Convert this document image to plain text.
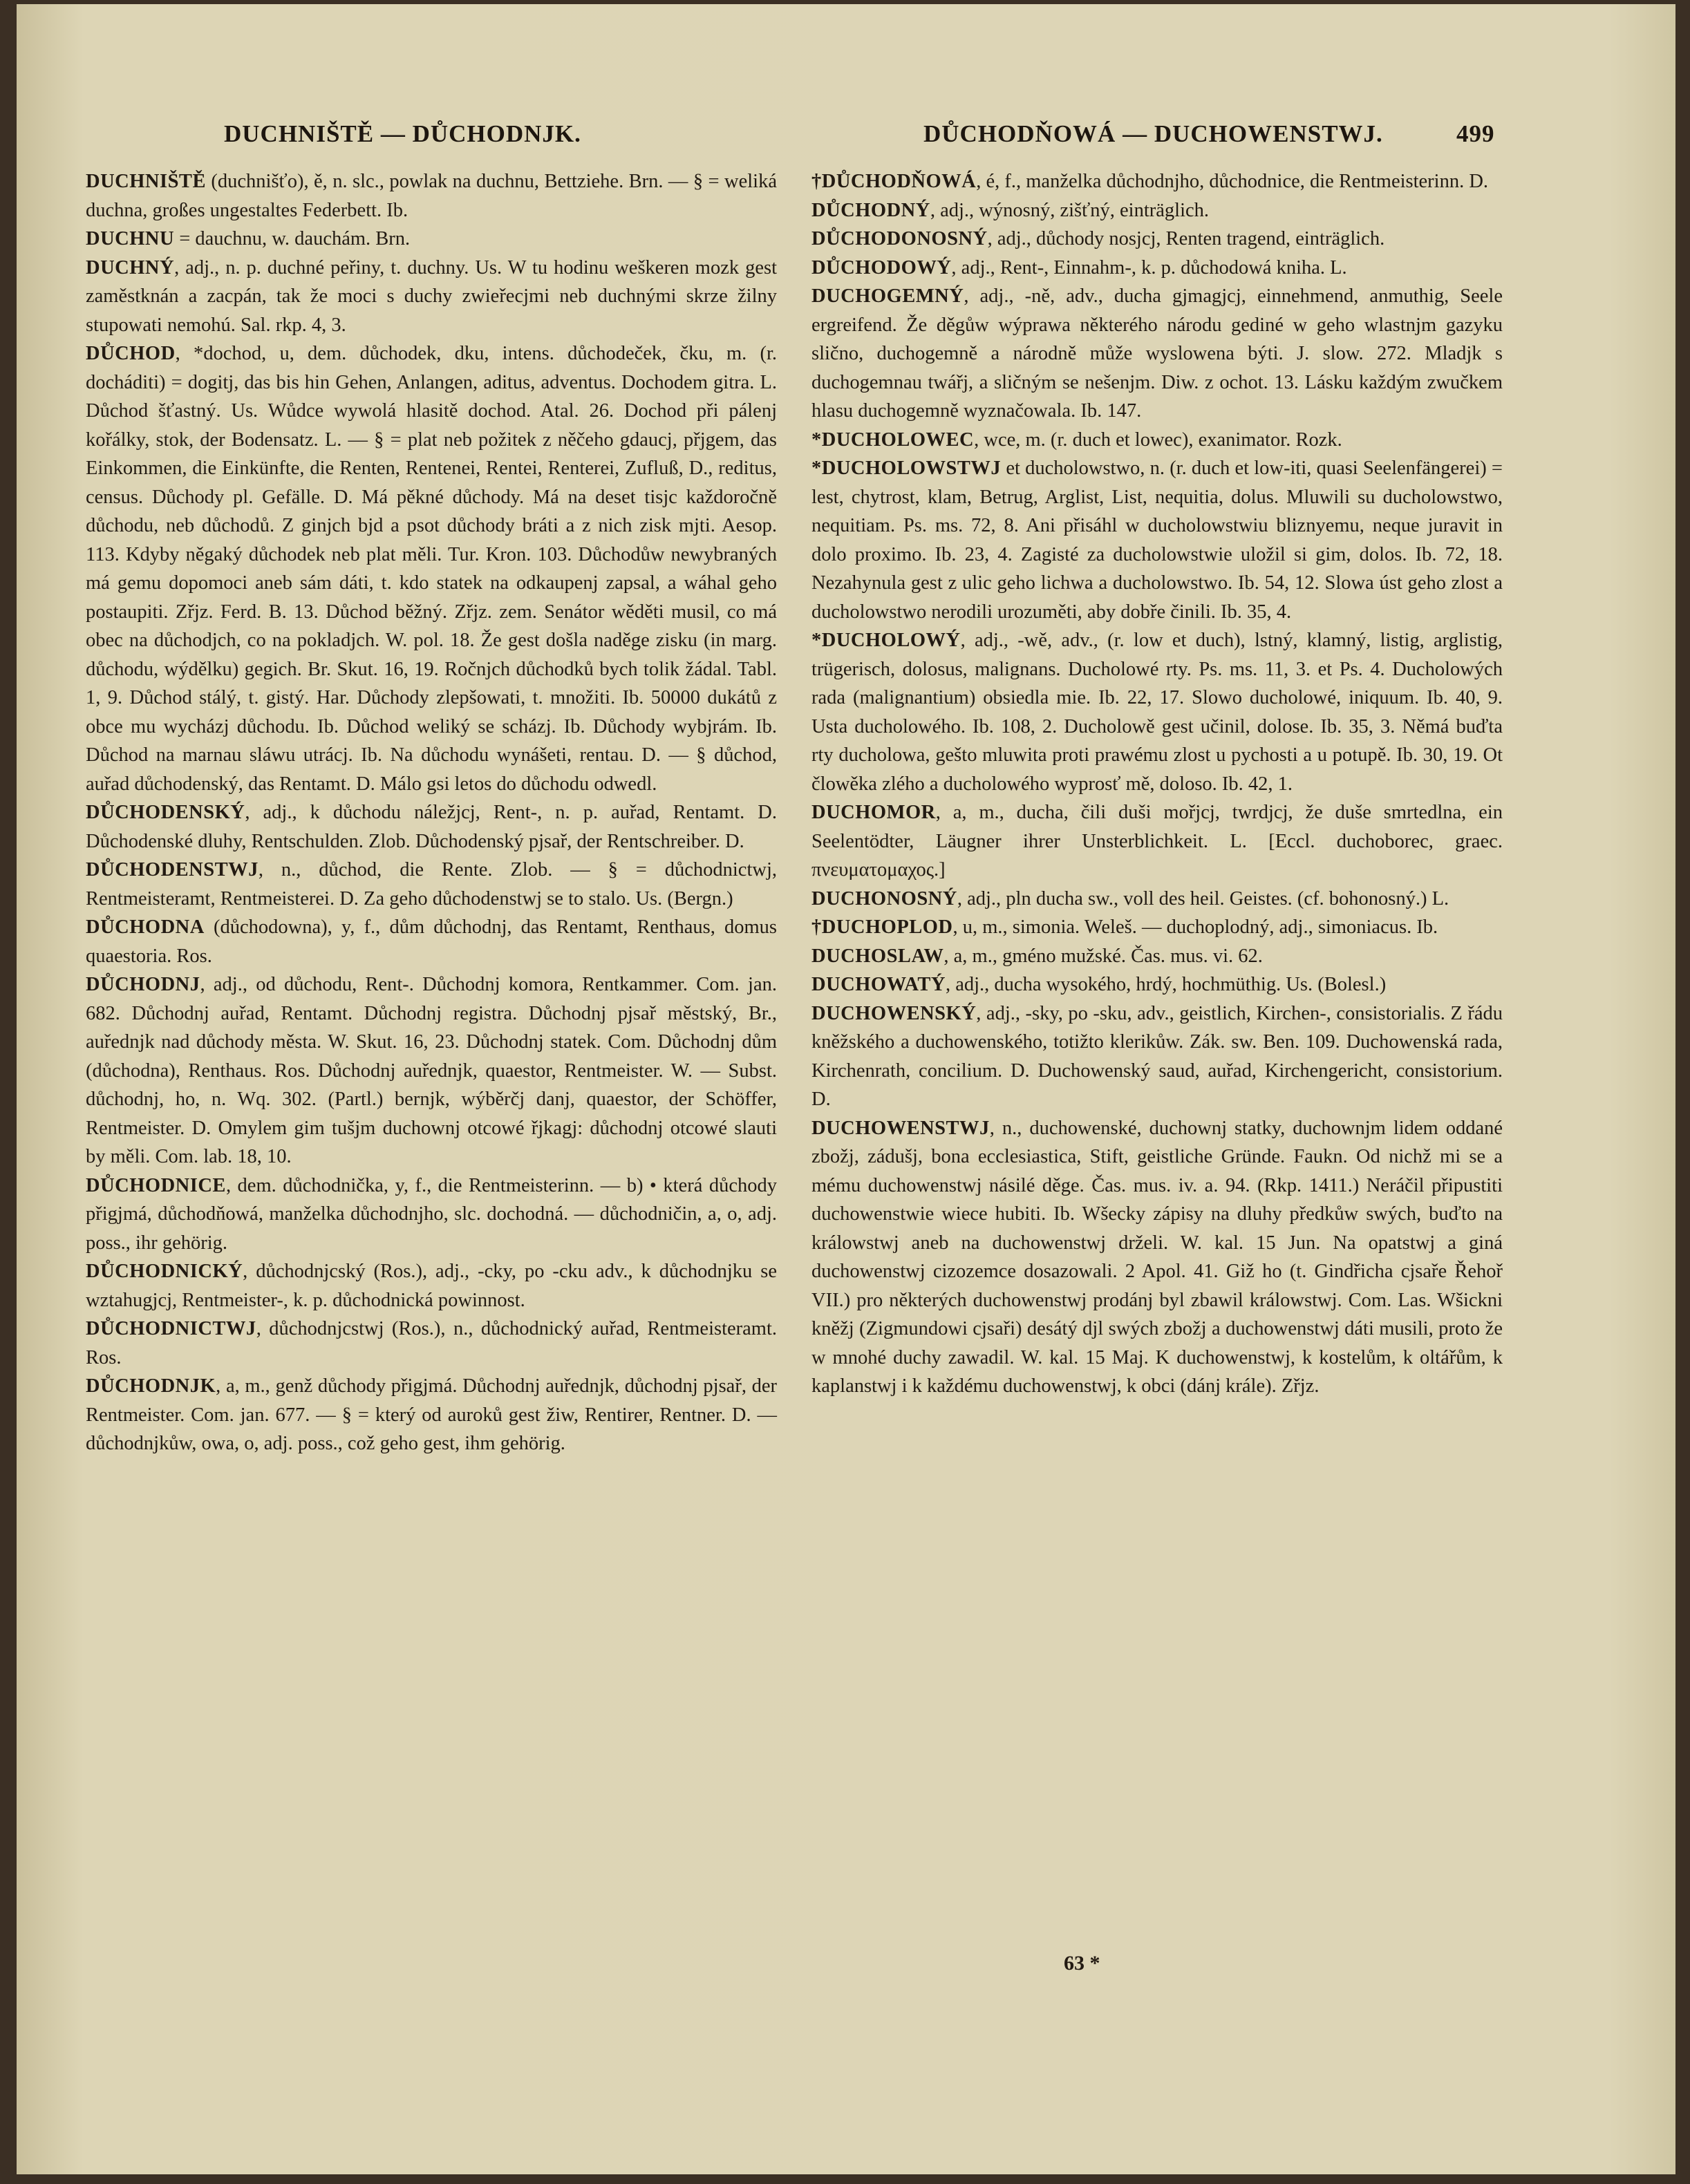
DUCHNIŠTĚ — DŮCHODNJK.	DŮCHODŇOWÁ — DUCHOWENSTWJ.	499

DUCHNIŠTĚ (duchnišťo), ě, n. slc., powlak na duchnu, Bettziehe. Brn. — § = weliká duchna, großes ungestaltes Federbett. Ib.

DUCHNU = dauchnu, w. dauchám. Brn.

DUCHNÝ, adj., n. p. duchné peřiny, t. duchny. Us. W tu hodinu weškeren mozk gest zaměstknán a zacpán, tak že moci s duchy zwieřecjmi neb duchnými skrze žilny stupowati nemohú. Sal. rkp. 4, 3.

DŮCHOD, *dochod, u, dem. důchodek, dku, intens. důchodeček, čku, m. (r. docháditi) = dogitj, das bis hin Gehen, Anlangen, aditus, adventus. Dochodem gitra. L. Důchod šťastný. Us. Wůdce wywolá hlasitě dochod. Atal. 26. Dochod při pálenj kořálky, stok, der Bodensatz. L. — § = plat neb požitek z něčeho gdaucj, přjgem, das Einkommen, die Einkünfte, die Renten, Rentenei, Rentei, Renterei, Zufluß, D., reditus, census. Důchody pl. Gefälle. D. Má pěkné důchody. Má na deset tisjc každoročně důchodu, neb důchodů. Z ginjch bjd a psot důchody bráti a z nich zisk mjti. Aesop. 113. Kdyby něgaký důchodek neb plat měli. Tur. Kron. 103. Důchodůw newybraných má gemu dopomoci aneb sám dáti, t. kdo statek na odkaupenj zapsal, a wáhal geho postaupiti. Zřjz. Ferd. B. 13. Důchod běžný. Zřjz. zem. Senátor wěděti musil, co má obec na důchodjch, co na pokladjch. W. pol. 18. Že gest došla naděge zisku (in marg. důchodu, wýdělku) gegich. Br. Skut. 16, 19. Ročnjch důchodků bych tolik žádal. Tabl. 1, 9. Důchod stálý, t. gistý. Har. Důchody zlepšowati, t. množiti. Ib. 50000 dukátů z obce mu wycházj důchodu. Ib. Důchod weliký se scházj. Ib. Důchody wybjrám. Ib. Důchod na marnau sláwu utrácj. Ib. Na důchodu wynášeti, rentau. D. — § důchod, auřad důchodenský, das Rentamt. D. Málo gsi letos do důchodu odwedl.

DŮCHODENSKÝ, adj., k důchodu náležjcj, Rent-, n. p. auřad, Rentamt. D. Důchodenské dluhy, Rentschulden. Zlob. Důchodenský pjsař, der Rentschreiber. D.

DŮCHODENSTWJ, n., důchod, die Rente. Zlob. — § = důchodnictwj, Rentmeisteramt, Rentmeisterei. D. Za geho důchodenstwj se to stalo. Us. (Bergn.)

DŮCHODNA (důchodowna), y, f., dům důchodnj, das Rentamt, Renthaus, domus quaestoria. Ros.

DŮCHODNJ, adj., od důchodu, Rent-. Důchodnj komora, Rentkammer. Com. jan. 682. Důchodnj auřad, Rentamt. Důchodnj registra. Důchodnj pjsař městský, Br., auřednjk nad důchody města. W. Skut. 16, 23. Důchodnj statek. Com. Důchodnj dům (důchodna), Renthaus. Ros. Důchodnj auřednjk, quaestor, Rentmeister. W. — Subst. důchodnj, ho, n. Wq. 302. (Partl.) bernjk, wýběrčj danj, quaestor, der Schöffer, Rentmeister. D. Omylem gim tušjm duchownj otcowé řjkagj: důchodnj otcowé slauti by měli. Com. lab. 18, 10.

DŮCHODNICE, dem. důchodnička, y, f., die Rentmeisterinn. — b) • která důchody přigjmá, důchodňowá, manželka důchodnjho, slc. dochodná. — důchodničin, a, o, adj. poss., ihr gehörig.

DŮCHODNICKÝ, důchodnjcský (Ros.), adj., -cky, po -cku adv., k důchodnjku se wztahugjcj, Rentmeister-, k. p. důchodnická powinnost.

DŮCHODNICTWJ, důchodnjcstwj (Ros.), n., důchodnický auřad, Rentmeisteramt. Ros.

DŮCHODNJK, a, m., genž důchody přigjmá. Důchodnj auřednjk, důchodnj pjsař, der Rentmeister. Com. jan. 677. — § = který od auroků gest žiw, Rentirer, Rentner. D. — důchodnjkůw, owa, o, adj. poss., což geho gest, ihm gehörig.

†DŮCHODŇOWÁ, é, f., manželka důchodnjho, důchodnice, die Rentmeisterinn. D.

DŮCHODNÝ, adj., wýnosný, zišťný, einträglich.

DŮCHODONOSNÝ, adj., důchody nosjcj, Renten tragend, einträglich.

DŮCHODOWÝ, adj., Rent-, Einnahm-, k. p. důchodowá kniha. L.

DUCHOGEMNÝ, adj., -ně, adv., ducha gjmagjcj, einnehmend, anmuthig, Seele ergreifend. Že děgůw wýprawa některého národu gediné w geho wlastnjm gazyku slično, duchogemně a národně může wyslowena býti. J. slow. 272. Mladjk s duchogemnau twářj, a sličným se nešenjm. Diw. z ochot. 13. Lásku každým zwučkem hlasu duchogemně wyznačowala. Ib. 147.

*DUCHOLOWEC, wce, m. (r. duch et lowec), exanimator. Rozk.

*DUCHOLOWSTWJ et ducholowstwo, n. (r. duch et low-iti, quasi Seelenfängerei) = lest, chytrost, klam, Betrug, Arglist, List, nequitia, dolus. Mluwili su ducholowstwo, nequitiam. Ps. ms. 72, 8. Ani přisáhl w ducholowstwiu bliznyemu, neque juravit in dolo proximo. Ib. 23, 4. Zagisté za ducholowstwie uložil si gim, dolos. Ib. 72, 18. Nezahynula gest z ulic geho lichwa a ducholowstwo. Ib. 54, 12. Slowa úst geho zlost a ducholowstwo nerodili urozuměti, aby dobře činili. Ib. 35, 4.

*DUCHOLOWÝ, adj., -wě, adv., (r. low et duch), lstný, klamný, listig, arglistig, trügerisch, dolosus, malignans. Ducholowé rty. Ps. ms. 11, 3. et Ps. 4. Ducholowých rada (malignantium) obsiedla mie. Ib. 22, 17. Slowo ducholowé, iniquum. Ib. 40, 9. Usta ducholowého. Ib. 108, 2. Ducholowě gest učinil, dolose. Ib. 35, 3. Němá buďta rty ducholowa, gešto mluwita proti prawému zlost u pychosti a u potupě. Ib. 30, 19. Ot člowěka zlého a ducholowého wyprosť mě, doloso. Ib. 42, 1.

DUCHOMOR, a, m., ducha, čili duši mořjcj, twrdjcj, že duše smrtedlna, ein Seelentödter, Läugner ihrer Unsterblichkeit. L. [Eccl. duchoborec, graec. πνευματομαχος.]

DUCHONOSNÝ, adj., pln ducha sw., voll des heil. Geistes. (cf. bohonosný.) L.

†DUCHOPLOD, u, m., simonia. Weleš. — duchoplodný, adj., simoniacus. Ib.

DUCHOSLAW, a, m., gméno mužské. Čas. mus. vi. 62.

DUCHOWATÝ, adj., ducha wysokého, hrdý, hochmüthig. Us. (Bolesl.)

DUCHOWENSKÝ, adj., -sky, po -sku, adv., geistlich, Kirchen-, consistorialis. Z řádu kněžského a duchowenského, totižto klerikůw. Zák. sw. Ben. 109. Duchowenská rada, Kirchenrath, concilium. D. Duchowenský saud, auřad, Kirchengericht, consistorium. D.

DUCHOWENSTWJ, n., duchowenské, duchownj statky, duchownjm lidem oddané zbožj, zádušj, bona ecclesiastica, Stift, geistliche Gründe. Faukn. Od nichž mi se a mému duchowenstwj násilé děge. Čas. mus. iv. a. 94. (Rkp. 1411.) Neráčil připustiti duchowenstwie wiece hubiti. Ib. Wšecky zápisy na dluhy předkůw swých, buďto na králowstwj aneb na duchowenstwj drželi. W. kal. 15 Jun. Na opatstwj a giná duchowenstwj cizozemce dosazowali. 2 Apol. 41. Giž ho (t. Gindřicha cjsaře Řehoř VII.) pro některých duchowenstwj prodánj byl zbawil králowstwj. Com. Las. Wšickni kněžj (Zigmundowi cjsaři) desátý djl swých zbožj a duchowenstwj dáti musili, proto že w mnohé duchy zawadil. W. kal. 15 Maj. K duchowenstwj, k kostelům, k oltářům, k kaplanstwj i k každému duchowenstwj, k obci (dánj krále). Zřjz.

63 *
